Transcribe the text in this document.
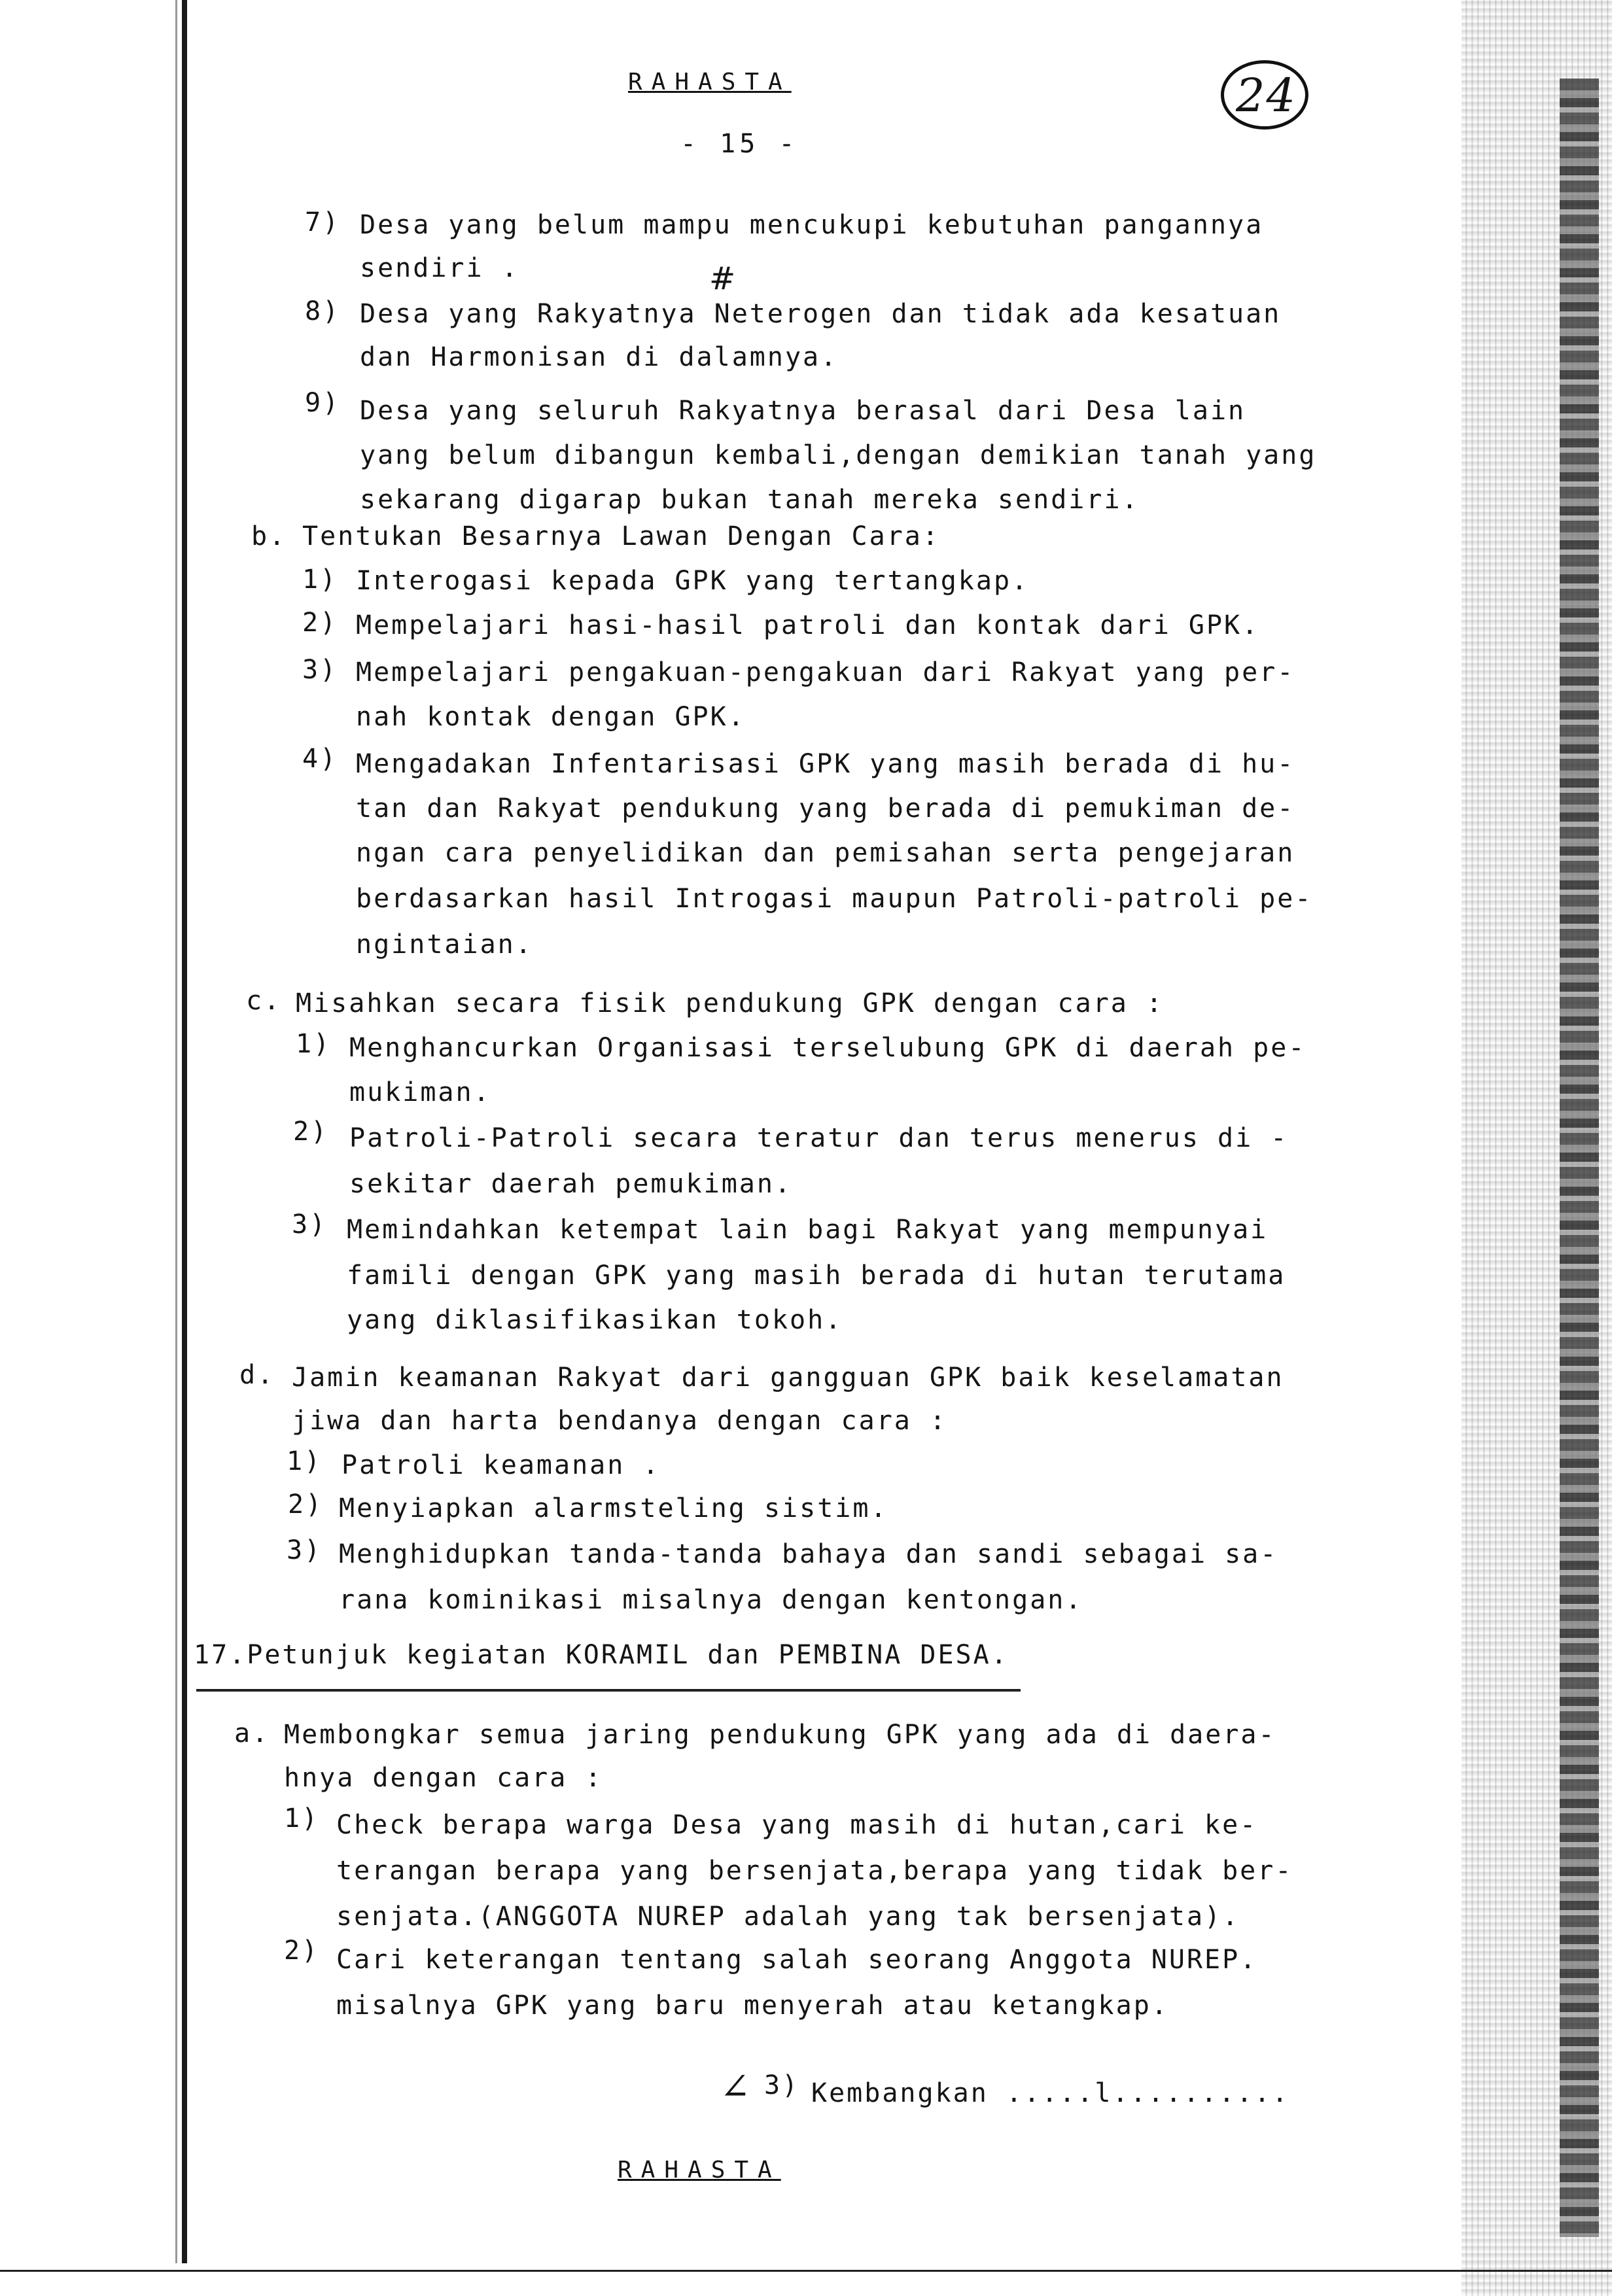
RAHASTA
- 15 -
24
7) Desa yang belum mampu mencukupi kebutuhan pangannya
sendiri .	#
8) Desa yang Rakyatnya Neterogen dan tidak ada kesatuan
dan Harmonisan di dalamnya.
9) Desa yang seluruh Rakyatnya berasal dari Desa lain
yang belum dibangun kembali,dengan demikian tanah yang
sekarang digarap bukan tanah mereka sendiri.
b. Tentukan Besarnya Lawan Dengan Cara:
1) Interogasi kepada GPK yang tertangkap.
2) Mempelajari hasi-hasil patroli dan kontak dari GPK.
3) Mempelajari pengakuan-pengakuan dari Rakyat yang per-
nah kontak dengan GPK.
4) Mengadakan Infentarisasi GPK yang masih berada di hu-
tan dan Rakyat pendukung yang berada di pemukiman de-
ngan cara penyelidikan dan pemisahan serta pengejaran
berdasarkan hasil Introgasi maupun Patroli-patroli pe-
ngintaian.
c. Misahkan secara fisik pendukung GPK dengan cara :
1) Menghancurkan Organisasi terselubung GPK di daerah pe-
mukiman.
2) Patroli-Patroli secara teratur dan terus menerus di -
sekitar daerah pemukiman.
3) Memindahkan ketempat lain bagi Rakyat yang mempunyai
famili dengan GPK yang masih berada di hutan terutama
yang diklasifikasikan tokoh.
d. Jamin keamanan Rakyat dari gangguan GPK baik keselamatan
jiwa dan harta bendanya dengan cara :
1) Patroli keamanan .
2) Menyiapkan alarmsteling sistim.
3) Menghidupkan tanda-tanda bahaya dan sandi sebagai sa-
rana kominikasi misalnya dengan kentongan.
17.Petunjuk kegiatan KORAMIL dan PEMBINA DESA.
a. Membongkar semua jaring pendukung GPK yang ada di daera-
hnya dengan cara :
1) Check berapa warga Desa yang masih di hutan,cari ke-
terangan berapa yang bersenjata,berapa yang tidak ber-
senjata.(ANGGOTA NUREP adalah yang tak bersenjata).
2) Cari keterangan tentang salah seorang Anggota NUREP.
misalnya GPK yang baru menyerah atau ketangkap.
∠ 3) Kembangkan .....l..........
RAHASTA
